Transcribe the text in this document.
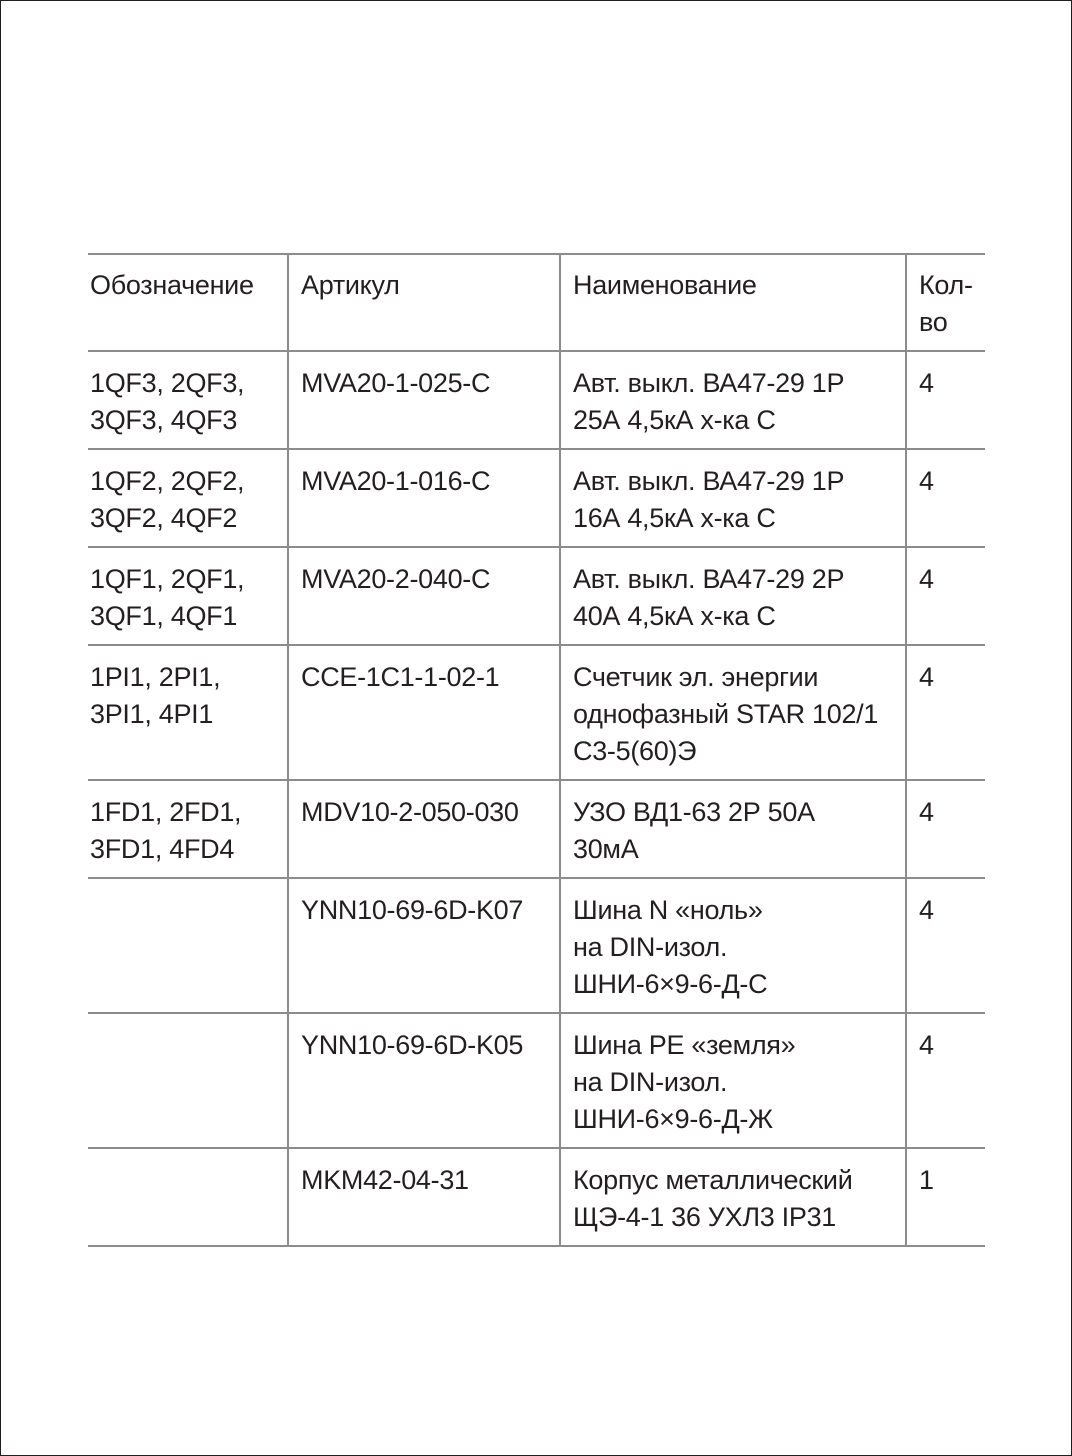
Обозначение	Артикул	Наименование	Кол-
во
1QF3, 2QF3,
3QF3, 4QF3	MVA20-1-025-C	Авт. выкл. ВА47-29 1Р
25А 4,5кА х-ка С	4
1QF2, 2QF2,
3QF2, 4QF2	MVA20-1-016-C	Авт. выкл. ВА47-29 1Р
16А 4,5кА х-ка С	4
1QF1, 2QF1,
3QF1, 4QF1	MVA20-2-040-C	Авт. выкл. ВА47-29 2Р
40А 4,5кА х-ка С	4
1PI1, 2PI1,
3PI1, 4PI1	CCE-1C1-1-02-1	Счетчик эл. энергии
однофазный STAR 102/1
С3-5(60)Э	4
1FD1, 2FD1,
3FD1, 4FD4	MDV10-2-050-030	УЗО ВД1-63 2Р 50А
30мА	4
	YNN10-69-6D-K07	Шина N «ноль»
на DIN-изол.
ШНИ-6×9-6-Д-С	4
	YNN10-69-6D-K05	Шина PE «земля»
на DIN-изол.
ШНИ-6×9-6-Д-Ж	4
	MKM42-04-31	Корпус металлический
ЩЭ-4-1 36 УХЛ3 IP31	1
